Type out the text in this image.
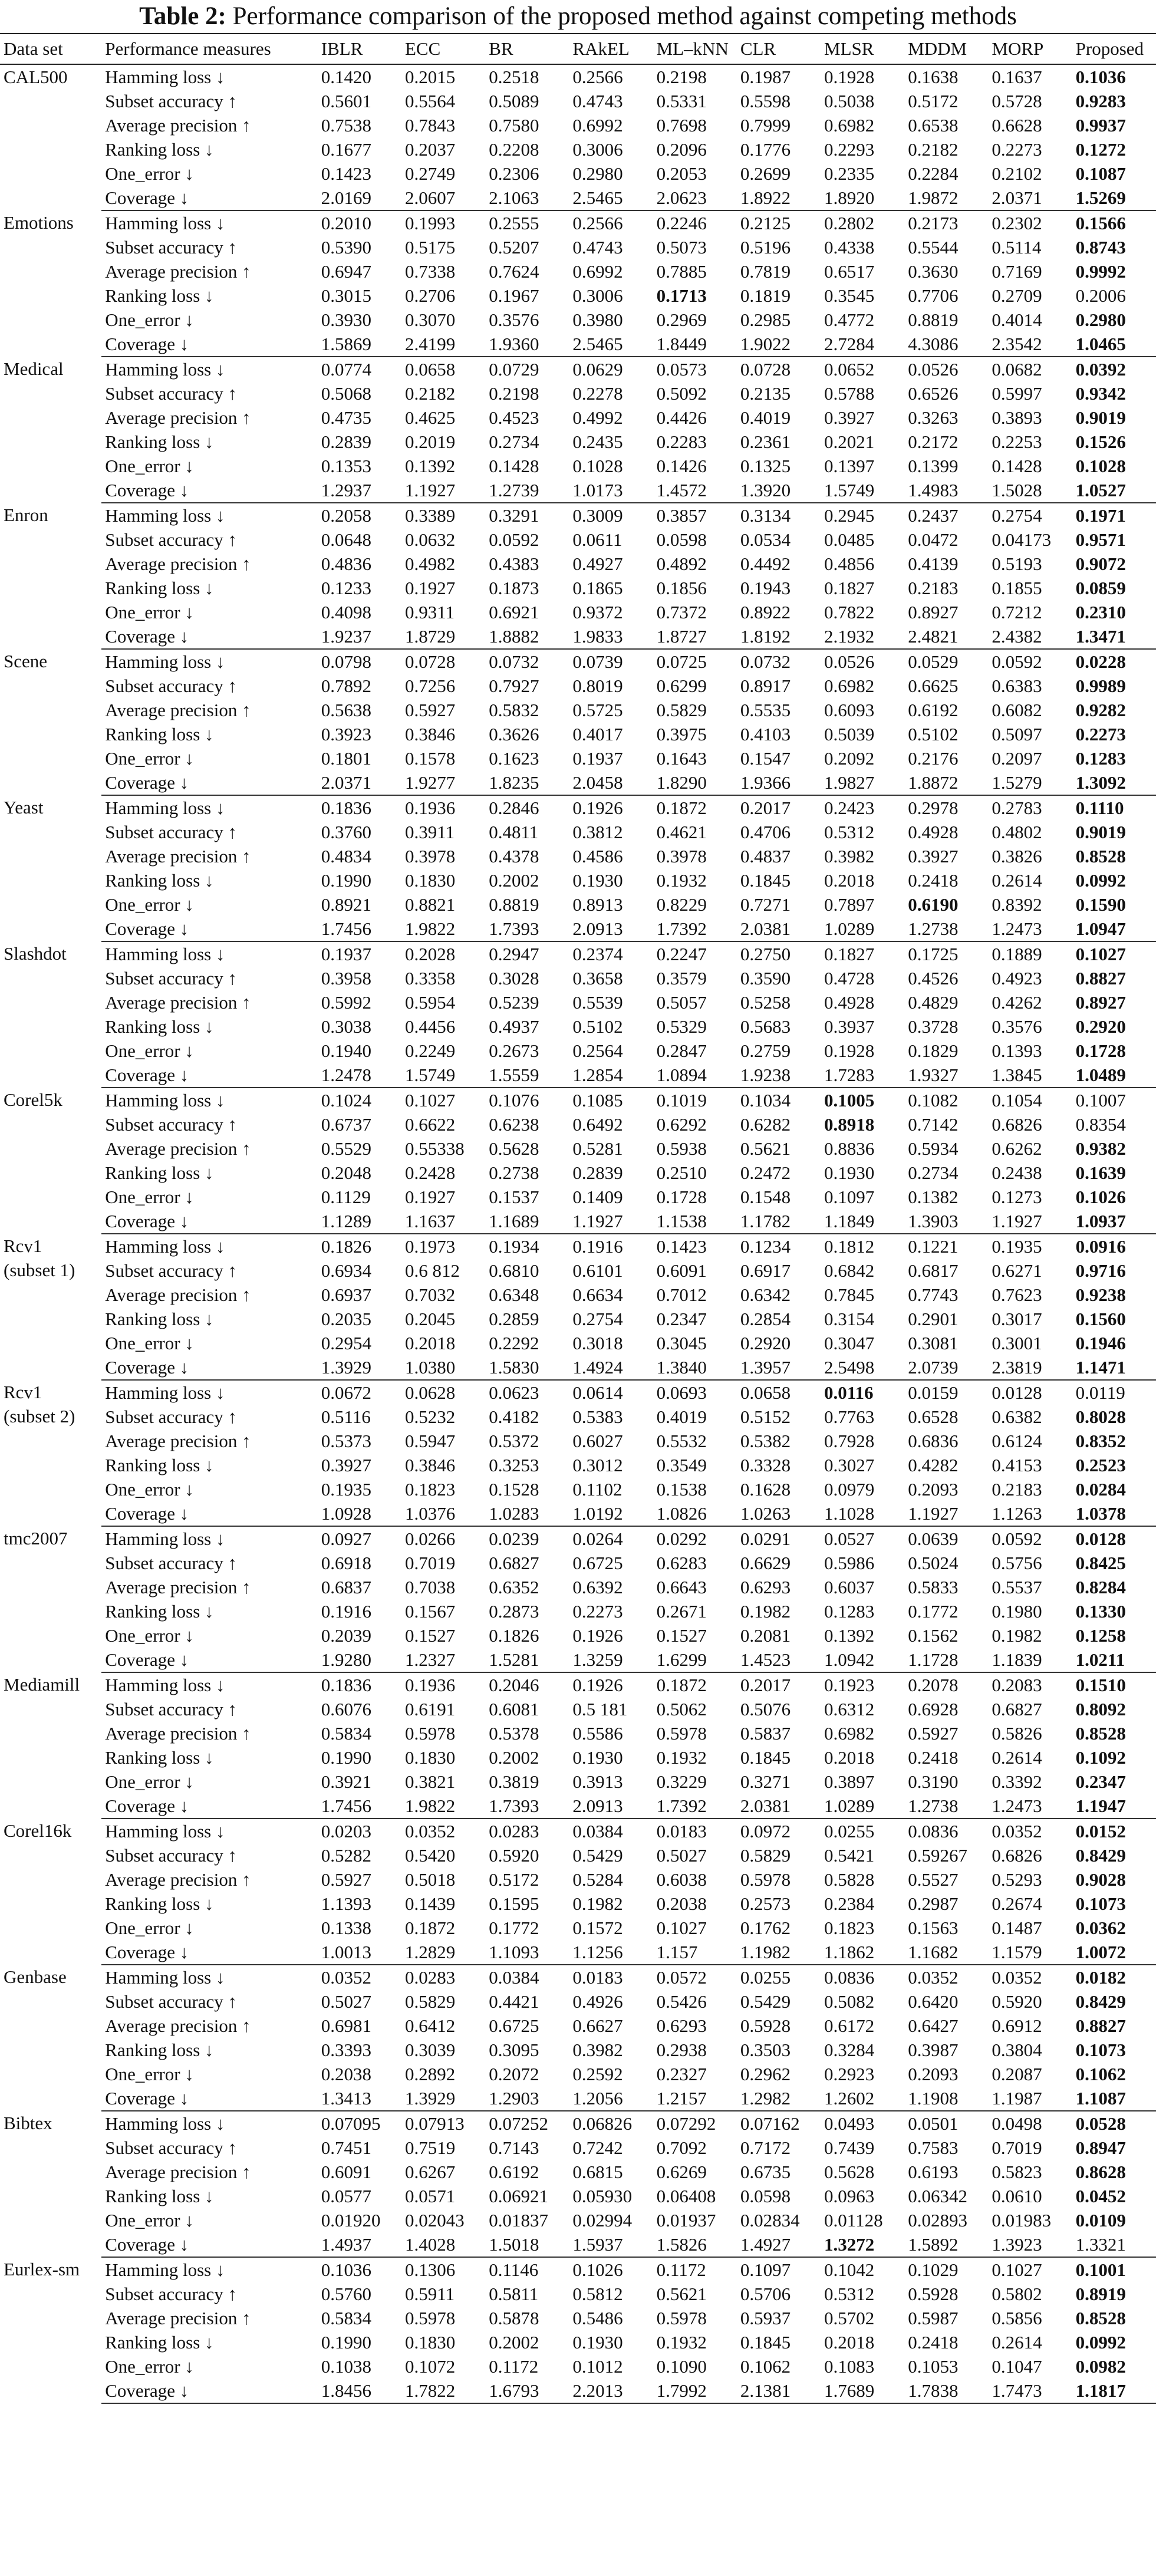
Table 2: Performance comparison of the proposed method against competing methods
Data set	Performance measures	IBLR	ECC	BR	RAkEL	ML–kNN	CLR	MLSR	MDDM	MORP	Proposed
CAL500	Hamming loss ↓	0.1420	0.2015	0.2518	0.2566	0.2198	0.1987	0.1928	0.1638	0.1637	0.1036
	Subset accuracy ↑	0.5601	0.5564	0.5089	0.4743	0.5331	0.5598	0.5038	0.5172	0.5728	0.9283
	Average precision ↑	0.7538	0.7843	0.7580	0.6992	0.7698	0.7999	0.6982	0.6538	0.6628	0.9937
	Ranking loss ↓	0.1677	0.2037	0.2208	0.3006	0.2096	0.1776	0.2293	0.2182	0.2273	0.1272
	One_error ↓	0.1423	0.2749	0.2306	0.2980	0.2053	0.2699	0.2335	0.2284	0.2102	0.1087
	Coverage ↓	2.0169	2.0607	2.1063	2.5465	2.0623	1.8922	1.8920	1.9872	2.0371	1.5269
Emotions	Hamming loss ↓	0.2010	0.1993	0.2555	0.2566	0.2246	0.2125	0.2802	0.2173	0.2302	0.1566
	Subset accuracy ↑	0.5390	0.5175	0.5207	0.4743	0.5073	0.5196	0.4338	0.5544	0.5114	0.8743
	Average precision ↑	0.6947	0.7338	0.7624	0.6992	0.7885	0.7819	0.6517	0.3630	0.7169	0.9992
	Ranking loss ↓	0.3015	0.2706	0.1967	0.3006	0.1713	0.1819	0.3545	0.7706	0.2709	0.2006
	One_error ↓	0.3930	0.3070	0.3576	0.3980	0.2969	0.2985	0.4772	0.8819	0.4014	0.2980
	Coverage ↓	1.5869	2.4199	1.9360	2.5465	1.8449	1.9022	2.7284	4.3086	2.3542	1.0465
Medical	Hamming loss ↓	0.0774	0.0658	0.0729	0.0629	0.0573	0.0728	0.0652	0.0526	0.0682	0.0392
	Subset accuracy ↑	0.5068	0.2182	0.2198	0.2278	0.5092	0.2135	0.5788	0.6526	0.5997	0.9342
	Average precision ↑	0.4735	0.4625	0.4523	0.4992	0.4426	0.4019	0.3927	0.3263	0.3893	0.9019
	Ranking loss ↓	0.2839	0.2019	0.2734	0.2435	0.2283	0.2361	0.2021	0.2172	0.2253	0.1526
	One_error ↓	0.1353	0.1392	0.1428	0.1028	0.1426	0.1325	0.1397	0.1399	0.1428	0.1028
	Coverage ↓	1.2937	1.1927	1.2739	1.0173	1.4572	1.3920	1.5749	1.4983	1.5028	1.0527
Enron	Hamming loss ↓	0.2058	0.3389	0.3291	0.3009	0.3857	0.3134	0.2945	0.2437	0.2754	0.1971
	Subset accuracy ↑	0.0648	0.0632	0.0592	0.0611	0.0598	0.0534	0.0485	0.0472	0.04173	0.9571
	Average precision ↑	0.4836	0.4982	0.4383	0.4927	0.4892	0.4492	0.4856	0.4139	0.5193	0.9072
	Ranking loss ↓	0.1233	0.1927	0.1873	0.1865	0.1856	0.1943	0.1827	0.2183	0.1855	0.0859
	One_error ↓	0.4098	0.9311	0.6921	0.9372	0.7372	0.8922	0.7822	0.8927	0.7212	0.2310
	Coverage ↓	1.9237	1.8729	1.8882	1.9833	1.8727	1.8192	2.1932	2.4821	2.4382	1.3471
Scene	Hamming loss ↓	0.0798	0.0728	0.0732	0.0739	0.0725	0.0732	0.0526	0.0529	0.0592	0.0228
	Subset accuracy ↑	0.7892	0.7256	0.7927	0.8019	0.6299	0.8917	0.6982	0.6625	0.6383	0.9989
	Average precision ↑	0.5638	0.5927	0.5832	0.5725	0.5829	0.5535	0.6093	0.6192	0.6082	0.9282
	Ranking loss ↓	0.3923	0.3846	0.3626	0.4017	0.3975	0.4103	0.5039	0.5102	0.5097	0.2273
	One_error ↓	0.1801	0.1578	0.1623	0.1937	0.1643	0.1547	0.2092	0.2176	0.2097	0.1283
	Coverage ↓	2.0371	1.9277	1.8235	2.0458	1.8290	1.9366	1.9827	1.8872	1.5279	1.3092
Yeast	Hamming loss ↓	0.1836	0.1936	0.2846	0.1926	0.1872	0.2017	0.2423	0.2978	0.2783	0.1110
	Subset accuracy ↑	0.3760	0.3911	0.4811	0.3812	0.4621	0.4706	0.5312	0.4928	0.4802	0.9019
	Average precision ↑	0.4834	0.3978	0.4378	0.4586	0.3978	0.4837	0.3982	0.3927	0.3826	0.8528
	Ranking loss ↓	0.1990	0.1830	0.2002	0.1930	0.1932	0.1845	0.2018	0.2418	0.2614	0.0992
	One_error ↓	0.8921	0.8821	0.8819	0.8913	0.8229	0.7271	0.7897	0.6190	0.8392	0.1590
	Coverage ↓	1.7456	1.9822	1.7393	2.0913	1.7392	2.0381	1.0289	1.2738	1.2473	1.0947
Slashdot	Hamming loss ↓	0.1937	0.2028	0.2947	0.2374	0.2247	0.2750	0.1827	0.1725	0.1889	0.1027
	Subset accuracy ↑	0.3958	0.3358	0.3028	0.3658	0.3579	0.3590	0.4728	0.4526	0.4923	0.8827
	Average precision ↑	0.5992	0.5954	0.5239	0.5539	0.5057	0.5258	0.4928	0.4829	0.4262	0.8927
	Ranking loss ↓	0.3038	0.4456	0.4937	0.5102	0.5329	0.5683	0.3937	0.3728	0.3576	0.2920
	One_error ↓	0.1940	0.2249	0.2673	0.2564	0.2847	0.2759	0.1928	0.1829	0.1393	0.1728
	Coverage ↓	1.2478	1.5749	1.5559	1.2854	1.0894	1.9238	1.7283	1.9327	1.3845	1.0489
Corel5k	Hamming loss ↓	0.1024	0.1027	0.1076	0.1085	0.1019	0.1034	0.1005	0.1082	0.1054	0.1007
	Subset accuracy ↑	0.6737	0.6622	0.6238	0.6492	0.6292	0.6282	0.8918	0.7142	0.6826	0.8354
	Average precision ↑	0.5529	0.55338	0.5628	0.5281	0.5938	0.5621	0.8836	0.5934	0.6262	0.9382
	Ranking loss ↓	0.2048	0.2428	0.2738	0.2839	0.2510	0.2472	0.1930	0.2734	0.2438	0.1639
	One_error ↓	0.1129	0.1927	0.1537	0.1409	0.1728	0.1548	0.1097	0.1382	0.1273	0.1026
	Coverage ↓	1.1289	1.1637	1.1689	1.1927	1.1538	1.1782	1.1849	1.3903	1.1927	1.0937
Rcv1 (subset 1)	Hamming loss ↓	0.1826	0.1973	0.1934	0.1916	0.1423	0.1234	0.1812	0.1221	0.1935	0.0916
	Subset accuracy ↑	0.6934	0.6 812	0.6810	0.6101	0.6091	0.6917	0.6842	0.6817	0.6271	0.9716
	Average precision ↑	0.6937	0.7032	0.6348	0.6634	0.7012	0.6342	0.7845	0.7743	0.7623	0.9238
	Ranking loss ↓	0.2035	0.2045	0.2859	0.2754	0.2347	0.2854	0.3154	0.2901	0.3017	0.1560
	One_error ↓	0.2954	0.2018	0.2292	0.3018	0.3045	0.2920	0.3047	0.3081	0.3001	0.1946
	Coverage ↓	1.3929	1.0380	1.5830	1.4924	1.3840	1.3957	2.5498	2.0739	2.3819	1.1471
Rcv1 (subset 2)	Hamming loss ↓	0.0672	0.0628	0.0623	0.0614	0.0693	0.0658	0.0116	0.0159	0.0128	0.0119
	Subset accuracy ↑	0.5116	0.5232	0.4182	0.5383	0.4019	0.5152	0.7763	0.6528	0.6382	0.8028
	Average precision ↑	0.5373	0.5947	0.5372	0.6027	0.5532	0.5382	0.7928	0.6836	0.6124	0.8352
	Ranking loss ↓	0.3927	0.3846	0.3253	0.3012	0.3549	0.3328	0.3027	0.4282	0.4153	0.2523
	One_error ↓	0.1935	0.1823	0.1528	0.1102	0.1538	0.1628	0.0979	0.2093	0.2183	0.0284
	Coverage ↓	1.0928	1.0376	1.0283	1.0192	1.0826	1.0263	1.1028	1.1927	1.1263	1.0378
tmc2007	Hamming loss ↓	0.0927	0.0266	0.0239	0.0264	0.0292	0.0291	0.0527	0.0639	0.0592	0.0128
	Subset accuracy ↑	0.6918	0.7019	0.6827	0.6725	0.6283	0.6629	0.5986	0.5024	0.5756	0.8425
	Average precision ↑	0.6837	0.7038	0.6352	0.6392	0.6643	0.6293	0.6037	0.5833	0.5537	0.8284
	Ranking loss ↓	0.1916	0.1567	0.2873	0.2273	0.2671	0.1982	0.1283	0.1772	0.1980	0.1330
	One_error ↓	0.2039	0.1527	0.1826	0.1926	0.1527	0.2081	0.1392	0.1562	0.1982	0.1258
	Coverage ↓	1.9280	1.2327	1.5281	1.3259	1.6299	1.4523	1.0942	1.1728	1.1839	1.0211
Mediamill	Hamming loss ↓	0.1836	0.1936	0.2046	0.1926	0.1872	0.2017	0.1923	0.2078	0.2083	0.1510
	Subset accuracy ↑	0.6076	0.6191	0.6081	0.5 181	0.5062	0.5076	0.6312	0.6928	0.6827	0.8092
	Average precision ↑	0.5834	0.5978	0.5378	0.5586	0.5978	0.5837	0.6982	0.5927	0.5826	0.8528
	Ranking loss ↓	0.1990	0.1830	0.2002	0.1930	0.1932	0.1845	0.2018	0.2418	0.2614	0.1092
	One_error ↓	0.3921	0.3821	0.3819	0.3913	0.3229	0.3271	0.3897	0.3190	0.3392	0.2347
	Coverage ↓	1.7456	1.9822	1.7393	2.0913	1.7392	2.0381	1.0289	1.2738	1.2473	1.1947
Corel16k	Hamming loss ↓	0.0203	0.0352	0.0283	0.0384	0.0183	0.0972	0.0255	0.0836	0.0352	0.0152
	Subset accuracy ↑	0.5282	0.5420	0.5920	0.5429	0.5027	0.5829	0.5421	0.59267	0.6826	0.8429
	Average precision ↑	0.5927	0.5018	0.5172	0.5284	0.6038	0.5978	0.5828	0.5527	0.5293	0.9028
	Ranking loss ↓	1.1393	0.1439	0.1595	0.1982	0.2038	0.2573	0.2384	0.2987	0.2674	0.1073
	One_error ↓	0.1338	0.1872	0.1772	0.1572	0.1027	0.1762	0.1823	0.1563	0.1487	0.0362
	Coverage ↓	1.0013	1.2829	1.1093	1.1256	1.157	1.1982	1.1862	1.1682	1.1579	1.0072
Genbase	Hamming loss ↓	0.0352	0.0283	0.0384	0.0183	0.0572	0.0255	0.0836	0.0352	0.0352	0.0182
	Subset accuracy ↑	0.5027	0.5829	0.4421	0.4926	0.5426	0.5429	0.5082	0.6420	0.5920	0.8429
	Average precision ↑	0.6981	0.6412	0.6725	0.6627	0.6293	0.5928	0.6172	0.6427	0.6912	0.8827
	Ranking loss ↓	0.3393	0.3039	0.3095	0.3982	0.2938	0.3503	0.3284	0.3987	0.3804	0.1073
	One_error ↓	0.2038	0.2892	0.2072	0.2592	0.2327	0.2962	0.2923	0.2093	0.2087	0.1062
	Coverage ↓	1.3413	1.3929	1.2903	1.2056	1.2157	1.2982	1.2602	1.1908	1.1987	1.1087
Bibtex	Hamming loss ↓	0.07095	0.07913	0.07252	0.06826	0.07292	0.07162	0.0493	0.0501	0.0498	0.0528
	Subset accuracy ↑	0.7451	0.7519	0.7143	0.7242	0.7092	0.7172	0.7439	0.7583	0.7019	0.8947
	Average precision ↑	0.6091	0.6267	0.6192	0.6815	0.6269	0.6735	0.5628	0.6193	0.5823	0.8628
	Ranking loss ↓	0.0577	0.0571	0.06921	0.05930	0.06408	0.0598	0.0963	0.06342	0.0610	0.0452
	One_error ↓	0.01920	0.02043	0.01837	0.02994	0.01937	0.02834	0.01128	0.02893	0.01983	0.0109
	Coverage ↓	1.4937	1.4028	1.5018	1.5937	1.5826	1.4927	1.3272	1.5892	1.3923	1.3321
Eurlex-sm	Hamming loss ↓	0.1036	0.1306	0.1146	0.1026	0.1172	0.1097	0.1042	0.1029	0.1027	0.1001
	Subset accuracy ↑	0.5760	0.5911	0.5811	0.5812	0.5621	0.5706	0.5312	0.5928	0.5802	0.8919
	Average precision ↑	0.5834	0.5978	0.5878	0.5486	0.5978	0.5937	0.5702	0.5987	0.5856	0.8528
	Ranking loss ↓	0.1990	0.1830	0.2002	0.1930	0.1932	0.1845	0.2018	0.2418	0.2614	0.0992
	One_error ↓	0.1038	0.1072	0.1172	0.1012	0.1090	0.1062	0.1083	0.1053	0.1047	0.0982
	Coverage ↓	1.8456	1.7822	1.6793	2.2013	1.7992	2.1381	1.7689	1.7838	1.7473	1.1817
